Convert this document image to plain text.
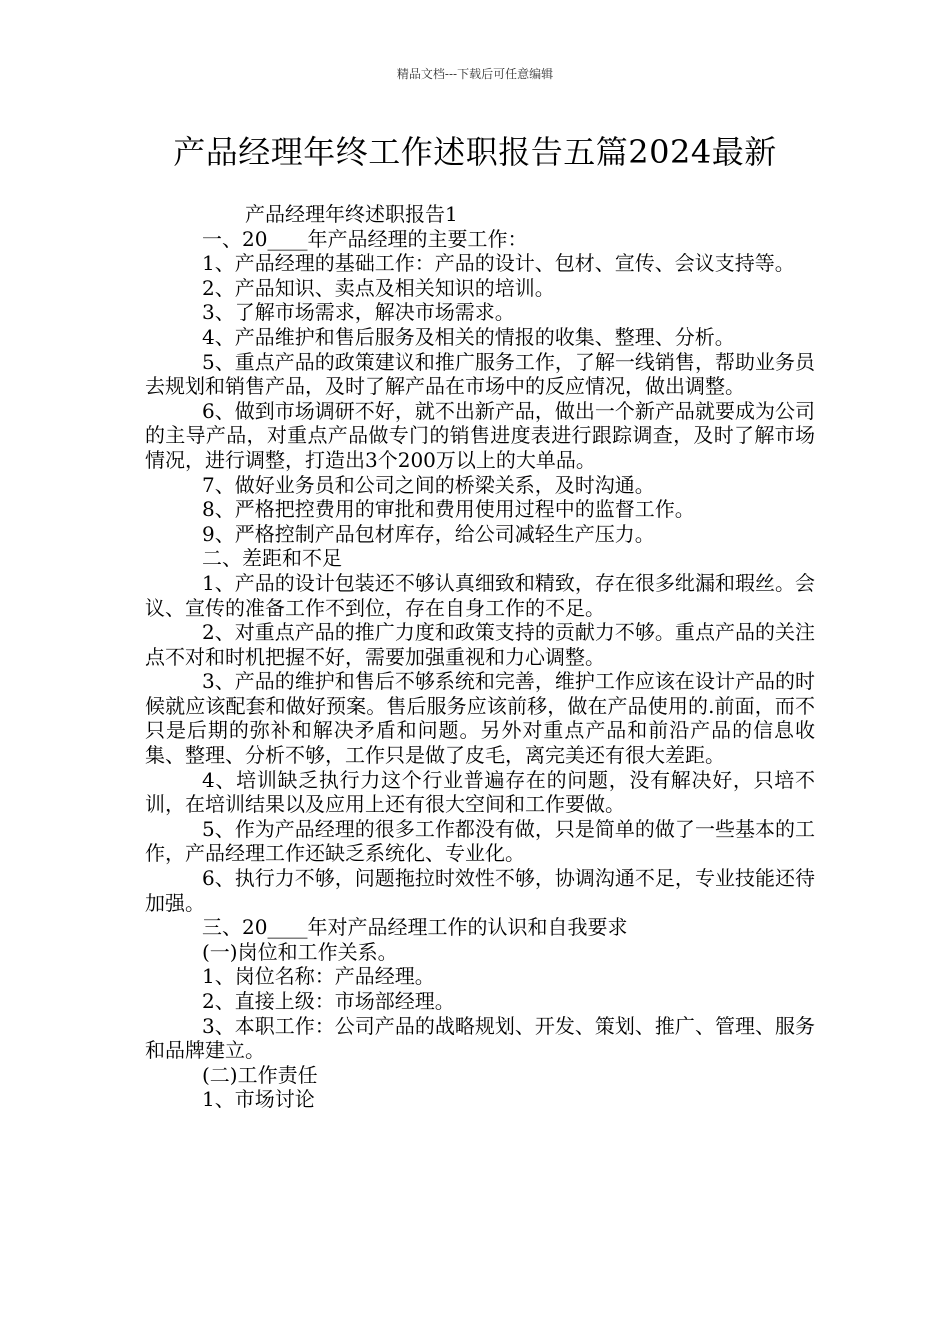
精品文档---下载后可任意编辑
产品经理年终工作述职报告五篇2024最新

产品经理年终述职报告1

一、20____年产品经理的主要工作：

1、产品经理的基础工作：产品的设计、包材、宣传、会议支持等。

2、产品知识、卖点及相关知识的培训。

3、了解市场需求，解决市场需求。

4、产品维护和售后服务及相关的情报的收集、整理、分析。

5、重点产品的政策建议和推广服务工作，了解一线销售，帮助业务员去规划和销售产品，及时了解产品在市场中的反应情况，做出调整。

6、做到市场调研不好，就不出新产品，做出一个新产品就要成为公司的主导产品，对重点产品做专门的销售进度表进行跟踪调查，及时了解市场情况，进行调整，打造出3个200万以上的大单品。

7、做好业务员和公司之间的桥梁关系，及时沟通。

8、严格把控费用的审批和费用使用过程中的监督工作。

9、严格控制产品包材库存，给公司减轻生产压力。

二、差距和不足

1、产品的设计包装还不够认真细致和精致，存在很多纰漏和瑕丝。会议、宣传的准备工作不到位，存在自身工作的不足。

2、对重点产品的推广力度和政策支持的贡献力不够。重点产品的关注点不对和时机把握不好，需要加强重视和力心调整。

3、产品的维护和售后不够系统和完善，维护工作应该在设计产品的时候就应该配套和做好预案。售后服务应该前移，做在产品使用的.前面，而不只是后期的弥补和解决矛盾和问题。另外对重点产品和前沿产品的信息收集、整理、分析不够，工作只是做了皮毛，离完美还有很大差距。

4、培训缺乏执行力这个行业普遍存在的问题，没有解决好，只培不训，在培训结果以及应用上还有很大空间和工作要做。

5、作为产品经理的很多工作都没有做，只是简单的做了一些基本的工作，产品经理工作还缺乏系统化、专业化。

6、执行力不够，问题拖拉时效性不够，协调沟通不足，专业技能还待加强。

三、20____年对产品经理工作的认识和自我要求

(一)岗位和工作关系。

1、岗位名称：产品经理。

2、直接上级：市场部经理。

3、本职工作：公司产品的战略规划、开发、策划、推广、管理、服务和品牌建立。

(二)工作责任

1、市场讨论
